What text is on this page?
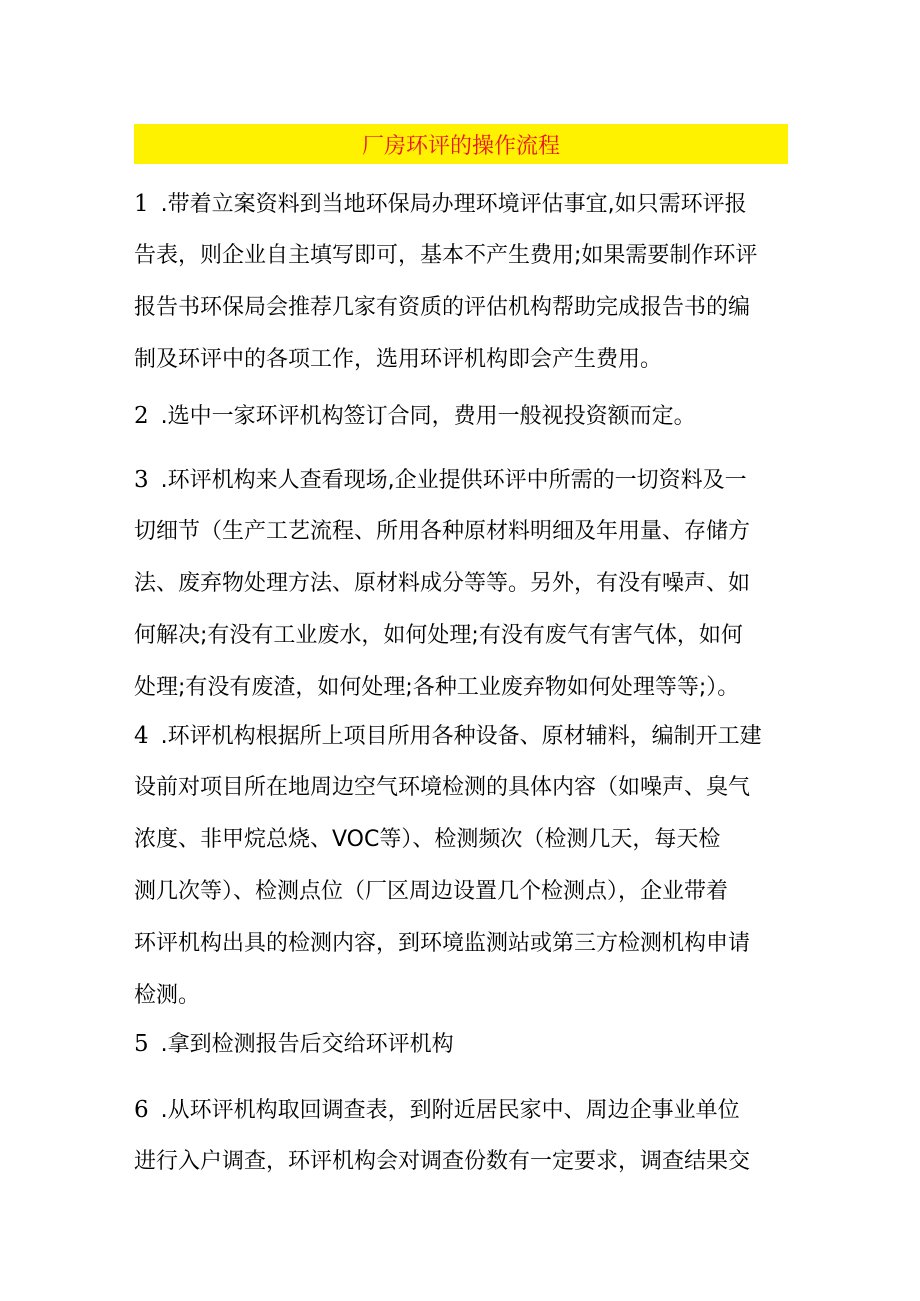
厂房环评的操作流程
1 .带着立案资料到当地环保局办理环境评估事宜,如只需环评报
告表，则企业自主填写即可，基本不产生费用;如果需要制作环评
报告书环保局会推荐几家有资质的评估机构帮助完成报告书的编
制及环评中的各项工作，选用环评机构即会产生费用。
2 .选中一家环评机构签订合同，费用一般视投资额而定。
3 .环评机构来人查看现场,企业提供环评中所需的一切资料及一
切细节（生产工艺流程、所用各种原材料明细及年用量、存储方
法、废弃物处理方法、原材料成分等等。另外，有没有噪声、如
何解决;有没有工业废水，如何处理;有没有废气有害气体，如何
处理;有没有废渣，如何处理;各种工业废弃物如何处理等等;）。
4 .环评机构根据所上项目所用各种设备、原材辅料，编制开工建
设前对项目所在地周边空气环境检测的具体内容（如噪声、臭气
浓度、非甲烷总烧、VOC等）、检测频次（检测几天，每天检
测几次等）、检测点位（厂区周边设置几个检测点），企业带着
环评机构出具的检测内容，到环境监测站或第三方检测机构申请
检测。
5 .拿到检测报告后交给环评机构
6 .从环评机构取回调查表，到附近居民家中、周边企事业单位
进行入户调查，环评机构会对调查份数有一定要求，调查结果交
